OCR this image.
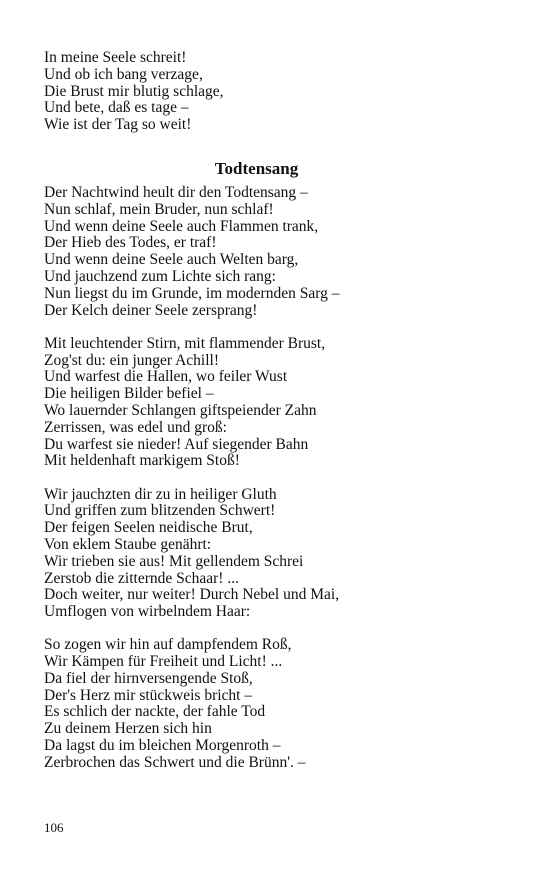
In meine Seele schreit!
Und ob ich bang verzage,
Die Brust mir blutig schlage,
Und bete, daß es tage –
Wie ist der Tag so weit!
Todtensang
Der Nachtwind heult dir den Todtensang –
Nun schlaf, mein Bruder, nun schlaf!
Und wenn deine Seele auch Flammen trank,
Der Hieb des Todes, er traf!
Und wenn deine Seele auch Welten barg,
Und jauchzend zum Lichte sich rang:
Nun liegst du im Grunde, im modernden Sarg –
Der Kelch deiner Seele zersprang!
Mit leuchtender Stirn, mit flammender Brust,
Zog'st du: ein junger Achill!
Und warfest die Hallen, wo feiler Wust
Die heiligen Bilder befiel –
Wo lauernder Schlangen giftspeiender Zahn
Zerrissen, was edel und groß:
Du warfest sie nieder! Auf siegender Bahn
Mit heldenhaft markigem Stoß!
Wir jauchzten dir zu in heiliger Gluth
Und griffen zum blitzenden Schwert!
Der feigen Seelen neidische Brut,
Von eklem Staube genährt:
Wir trieben sie aus! Mit gellendem Schrei
Zerstob die zitternde Schaar! ...
Doch weiter, nur weiter! Durch Nebel und Mai,
Umflogen von wirbelndem Haar:
So zogen wir hin auf dampfendem Roß,
Wir Kämpen für Freiheit und Licht! ...
Da fiel der hirnversengende Stoß,
Der's Herz mir stückweis bricht –
Es schlich der nackte, der fahle Tod
Zu deinem Herzen sich hin
Da lagst du im bleichen Morgenroth –
Zerbrochen das Schwert und die Brünn'. –
106
